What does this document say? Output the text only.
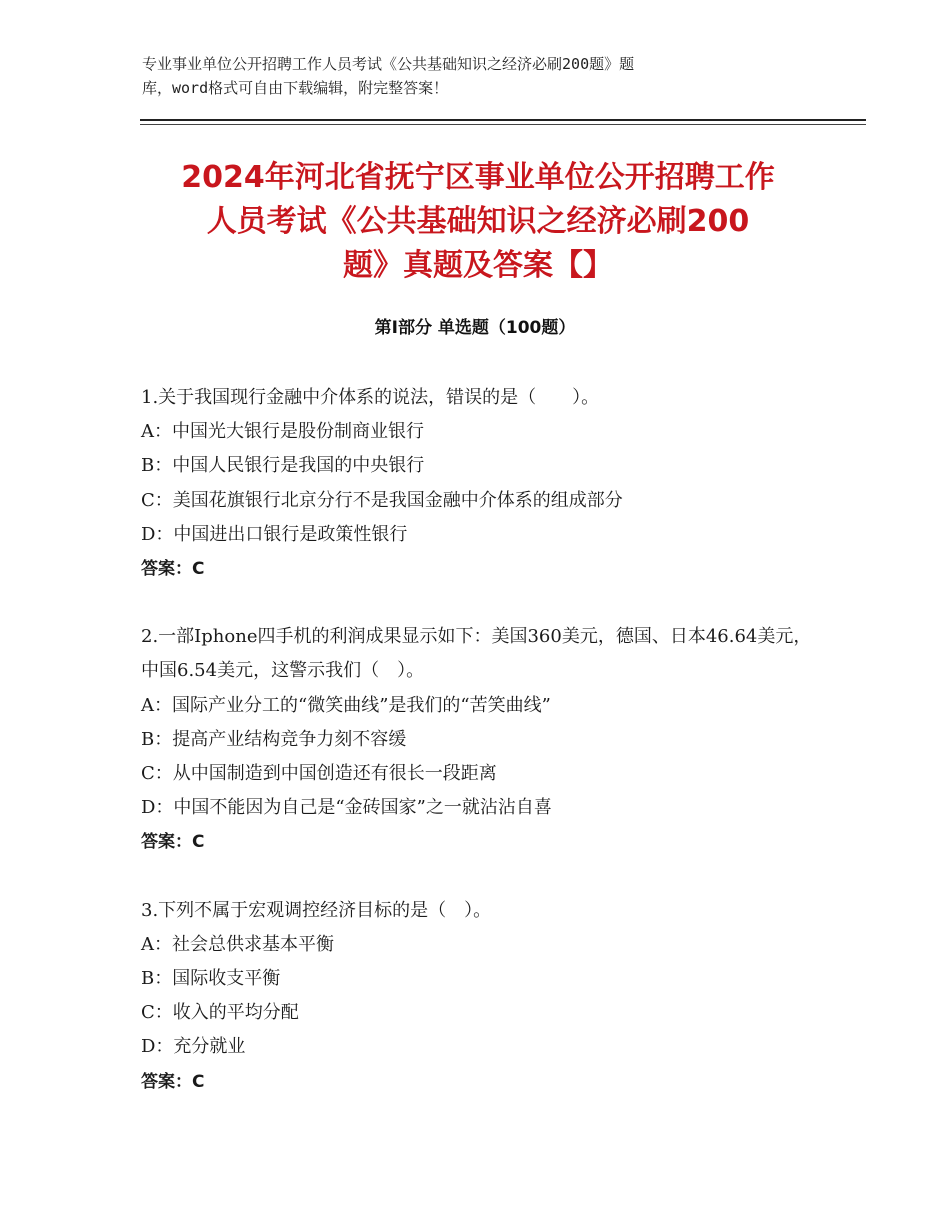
专业事业单位公开招聘工作人员考试《公共基础知识之经济必刷200题》题
库，word格式可自由下载编辑，附完整答案！
2024年河北省抚宁区事业单位公开招聘工作
人员考试《公共基础知识之经济必刷200
题》真题及答案【】
第Ⅰ部分 单选题（100题）
1.关于我国现行金融中介体系的说法，错误的是（　　）。
A：中国光大银行是股份制商业银行
B：中国人民银行是我国的中央银行
C：美国花旗银行北京分行不是我国金融中介体系的组成部分
D：中国进出口银行是政策性银行
答案：C
2.一部Iphone四手机的利润成果显示如下：美国360美元，德国、日本46.64美元，中国6.54美元，这警示我们（　）。
A：国际产业分工的“微笑曲线”是我们的“苦笑曲线”
B：提高产业结构竞争力刻不容缓
C：从中国制造到中国创造还有很长一段距离
D：中国不能因为自己是“金砖国家”之一就沾沾自喜
答案：C
3.下列不属于宏观调控经济目标的是（　）。
A：社会总供求基本平衡
B：国际收支平衡
C：收入的平均分配
D：充分就业
答案：C
